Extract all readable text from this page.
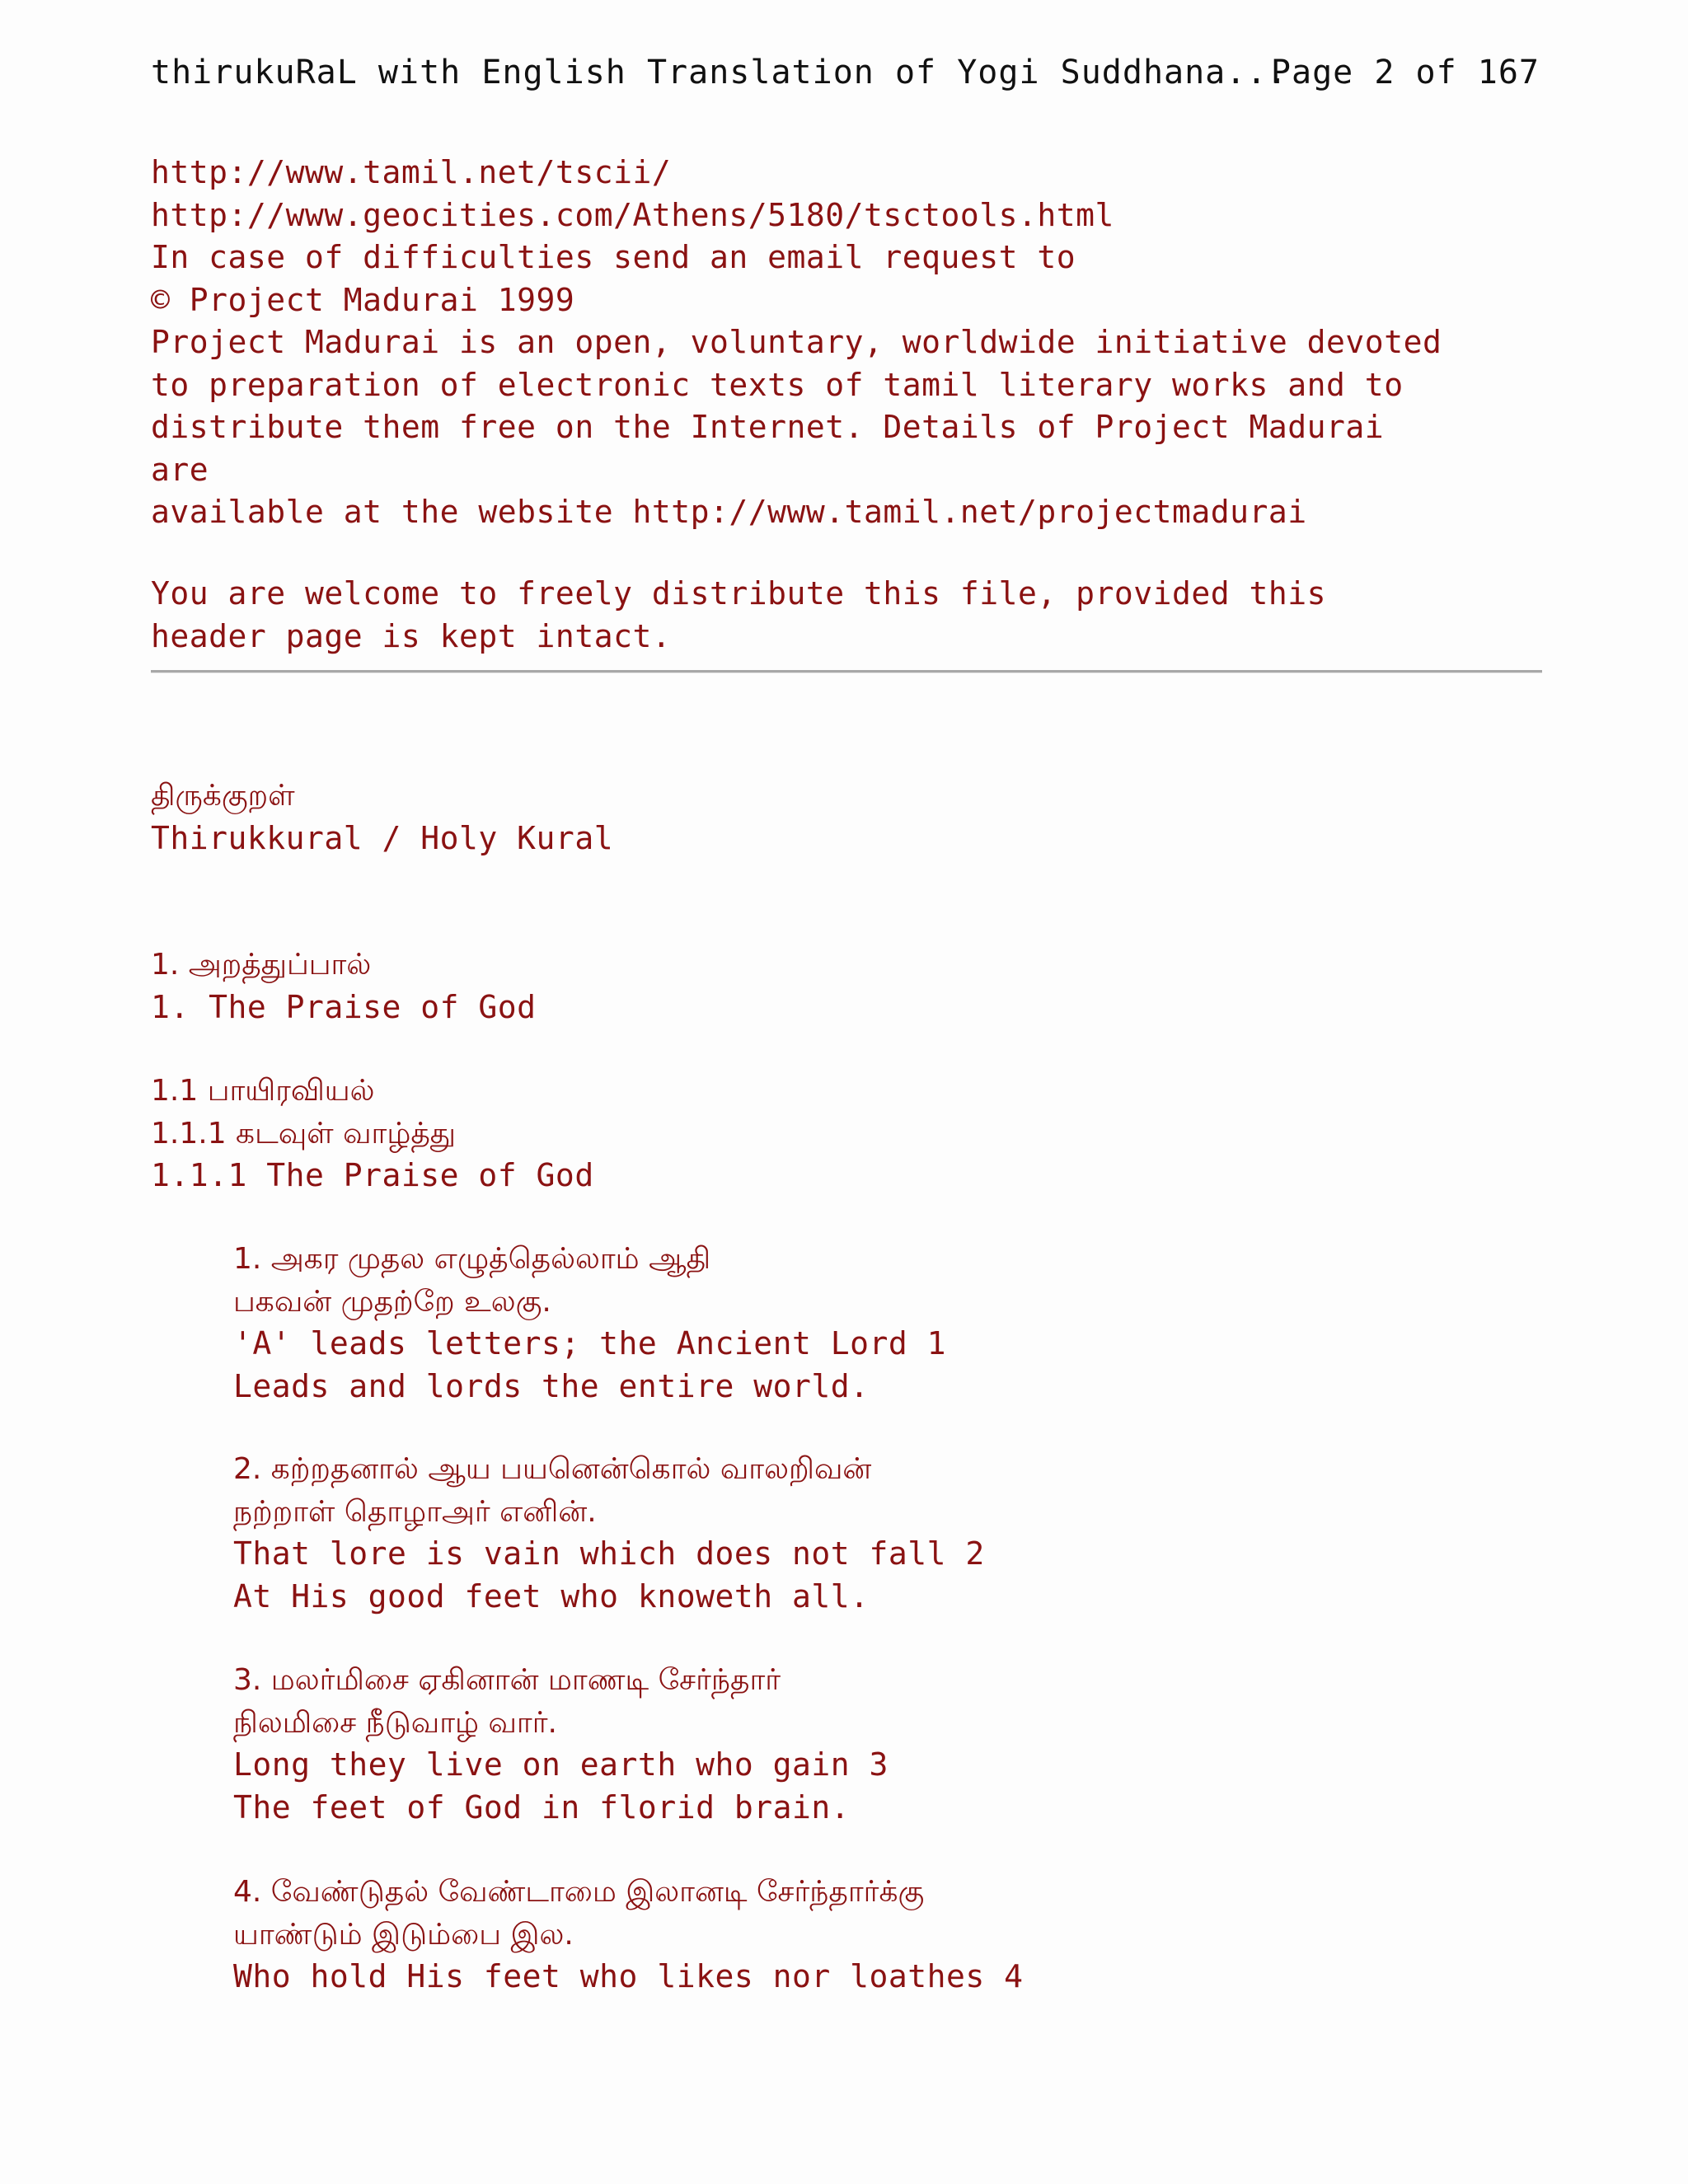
thirukuRaL with English Translation of Yogi Suddhana...
Page 2 of 167
http://www.tamil.net/tscii/
http://www.geocities.com/Athens/5180/tsctools.html
In case of difficulties send an email request to
© Project Madurai 1999
Project Madurai is an open, voluntary, worldwide initiative devoted
to preparation of electronic texts of tamil literary works and to
distribute them free on the Internet. Details of Project Madurai
are
available at the website http://www.tamil.net/projectmadurai
You are welcome to freely distribute this file, provided this
header page is kept intact.
திருக்குறள்
Thirukkural / Holy Kural
1. அறத்துப்பால்
1. The Praise of God
1.1 பாயிரவியல்
1.1.1 கடவுள் வாழ்த்து
1.1.1 The Praise of God
1. அகர முதல எழுத்தெல்லாம் ஆதி
பகவன் முதற்றே உலகு.
'A' leads letters; the Ancient Lord 1
Leads and lords the entire world.
2. கற்றதனால் ஆய பயனென்கொல் வாலறிவன்
நற்றாள் தொழாஅர் எனின்.
That lore is vain which does not fall 2
At His good feet who knoweth all.
3. மலர்மிசை ஏகினான் மாணடி சேர்ந்தார்
நிலமிசை நீடுவாழ் வார்.
Long they live on earth who gain 3
The feet of God in florid brain.
4. வேண்டுதல் வேண்டாமை இலானடி சேர்ந்தார்க்கு
யாண்டும் இடும்பை இல.
Who hold His feet who likes nor loathes 4
